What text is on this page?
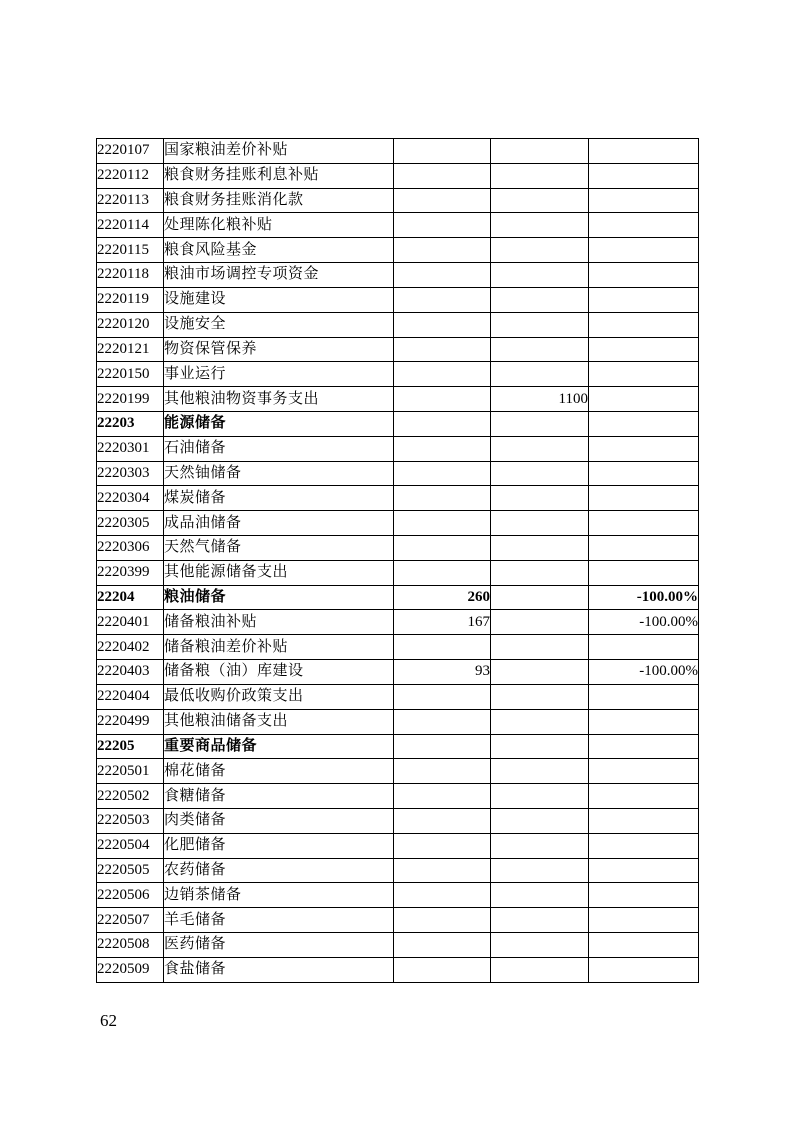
2220107	国家粮油差价补贴			
2220112	粮食财务挂账利息补贴			
2220113	粮食财务挂账消化款			
2220114	处理陈化粮补贴			
2220115	粮食风险基金			
2220118	粮油市场调控专项资金			
2220119	设施建设			
2220120	设施安全			
2220121	物资保管保养			
2220150	事业运行			
2220199	其他粮油物资事务支出		1100	
22203	能源储备			
2220301	石油储备			
2220303	天然铀储备			
2220304	煤炭储备			
2220305	成品油储备			
2220306	天然气储备			
2220399	其他能源储备支出			
22204	粮油储备	260		-100.00%
2220401	储备粮油补贴	167		-100.00%
2220402	储备粮油差价补贴			
2220403	储备粮（油）库建设	93		-100.00%
2220404	最低收购价政策支出			
2220499	其他粮油储备支出			
22205	重要商品储备			
2220501	棉花储备			
2220502	食糖储备			
2220503	肉类储备			
2220504	化肥储备			
2220505	农药储备			
2220506	边销茶储备			
2220507	羊毛储备			
2220508	医药储备			
2220509	食盐储备			
62
